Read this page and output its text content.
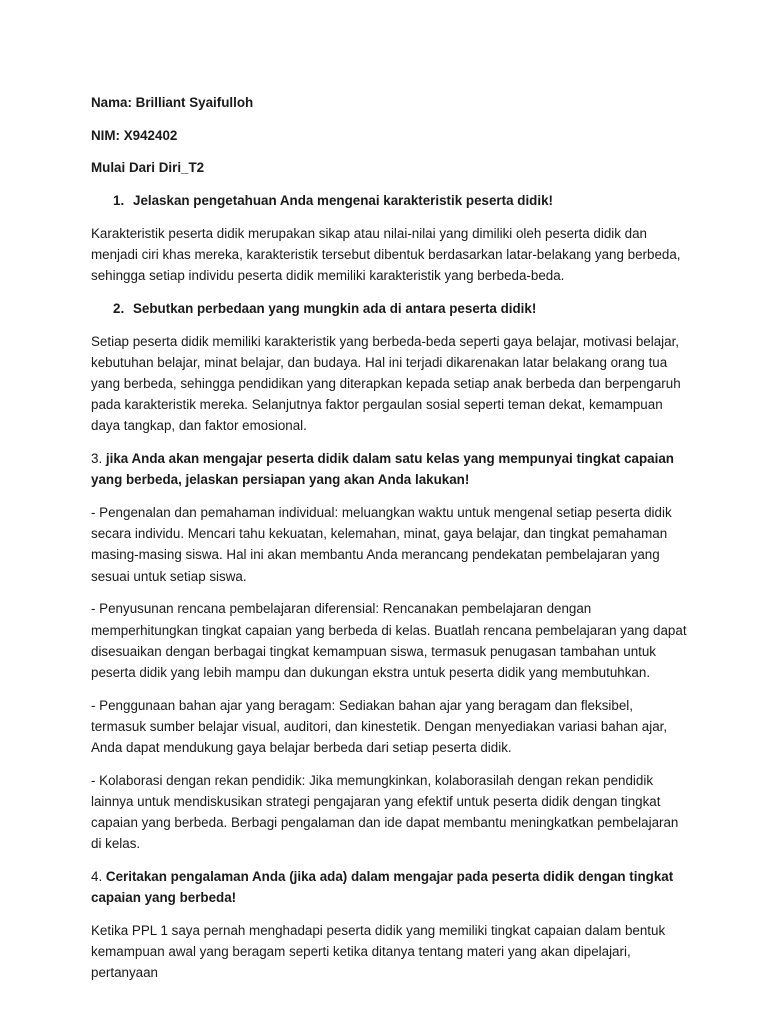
Nama: Brilliant Syaifulloh

NIM: X942402

Mulai Dari Diri_T2

1. Jelaskan pengetahuan Anda mengenai karakteristik peserta didik!

Karakteristik peserta didik merupakan sikap atau nilai-nilai yang dimiliki oleh peserta didik dan menjadi ciri khas mereka, karakteristik tersebut dibentuk berdasarkan latar-belakang yang berbeda, sehingga setiap individu peserta didik memiliki karakteristik yang berbeda-beda.

2. Sebutkan perbedaan yang mungkin ada di antara peserta didik!

Setiap peserta didik memiliki karakteristik yang berbeda-beda seperti gaya belajar, motivasi belajar, kebutuhan belajar, minat belajar, dan budaya. Hal ini terjadi dikarenakan latar belakang orang tua yang berbeda, sehingga pendidikan yang diterapkan kepada setiap anak berbeda dan berpengaruh pada karakteristik mereka. Selanjutnya faktor pergaulan sosial seperti teman dekat, kemampuan daya tangkap, dan faktor emosional.

3. jika Anda akan mengajar peserta didik dalam satu kelas yang mempunyai tingkat capaian yang berbeda, jelaskan persiapan yang akan Anda lakukan!

- Pengenalan dan pemahaman individual: meluangkan waktu untuk mengenal setiap peserta didik secara individu. Mencari tahu kekuatan, kelemahan, minat, gaya belajar, dan tingkat pemahaman masing-masing siswa. Hal ini akan membantu Anda merancang pendekatan pembelajaran yang sesuai untuk setiap siswa.

- Penyusunan rencana pembelajaran diferensial: Rencanakan pembelajaran dengan memperhitungkan tingkat capaian yang berbeda di kelas. Buatlah rencana pembelajaran yang dapat disesuaikan dengan berbagai tingkat kemampuan siswa, termasuk penugasan tambahan untuk peserta didik yang lebih mampu dan dukungan ekstra untuk peserta didik yang membutuhkan.

- Penggunaan bahan ajar yang beragam: Sediakan bahan ajar yang beragam dan fleksibel, termasuk sumber belajar visual, auditori, dan kinestetik. Dengan menyediakan variasi bahan ajar, Anda dapat mendukung gaya belajar berbeda dari setiap peserta didik.

- Kolaborasi dengan rekan pendidik: Jika memungkinkan, kolaborasilah dengan rekan pendidik lainnya untuk mendiskusikan strategi pengajaran yang efektif untuk peserta didik dengan tingkat capaian yang berbeda. Berbagi pengalaman dan ide dapat membantu meningkatkan pembelajaran di kelas.

4. Ceritakan pengalaman Anda (jika ada) dalam mengajar pada peserta didik dengan tingkat capaian yang berbeda!

Ketika PPL 1 saya pernah menghadapi peserta didik yang memiliki tingkat capaian dalam bentuk kemampuan awal yang beragam seperti ketika ditanya tentang materi yang akan dipelajari, pertanyaan
